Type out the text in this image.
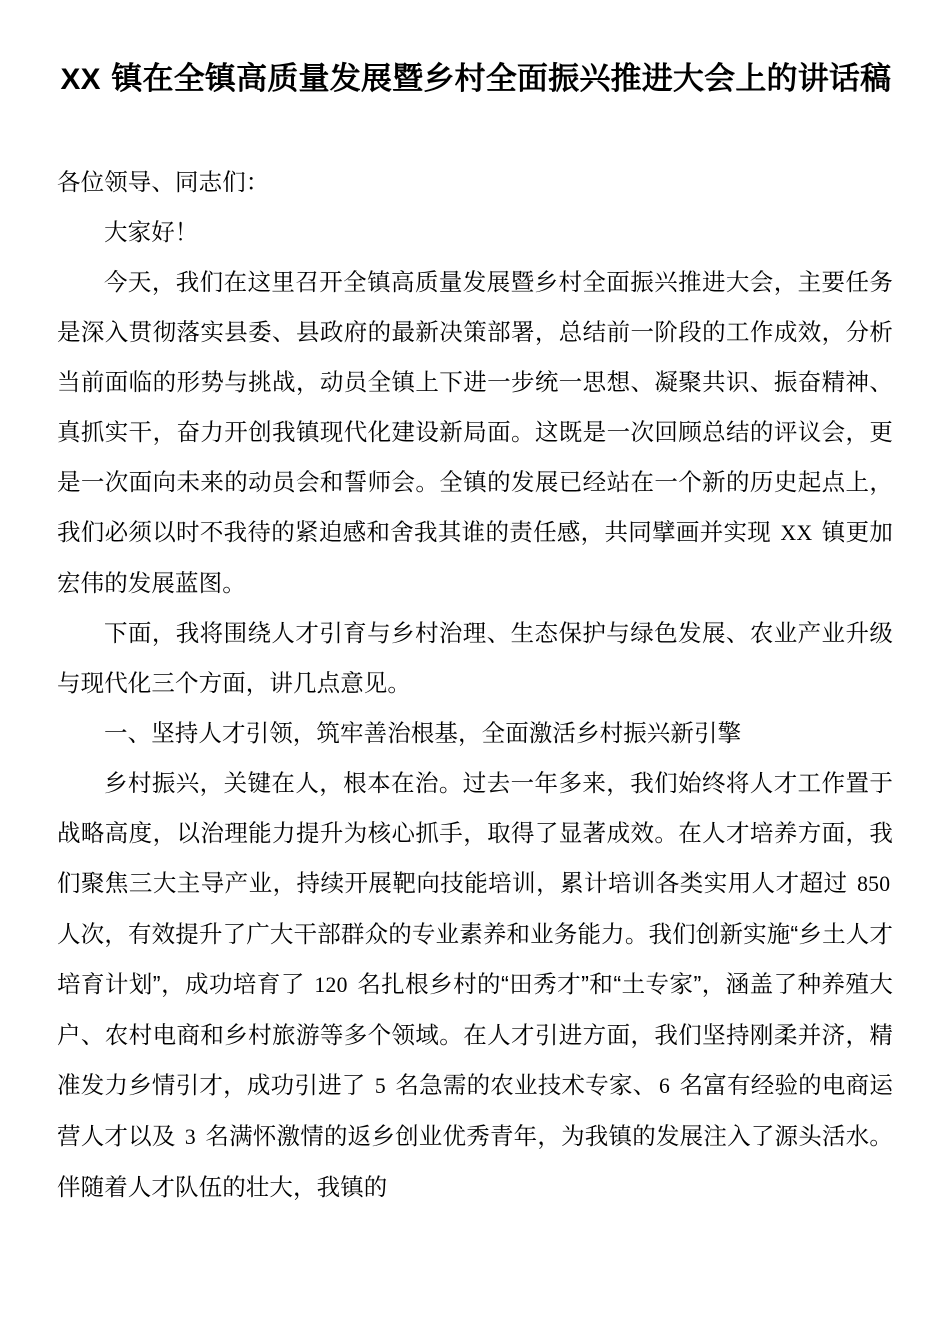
XX 镇在全镇高质量发展暨乡村全面振兴推进大会上的讲话稿

各位领导、同志们：

大家好！

今天，我们在这里召开全镇高质量发展暨乡村全面振兴推进大会，主要任务是深入贯彻落实县委、县政府的最新决策部署，总结前一阶段的工作成效，分析当前面临的形势与挑战，动员全镇上下进一步统一思想、凝聚共识、振奋精神、真抓实干，奋力开创我镇现代化建设新局面。这既是一次回顾总结的评议会，更是一次面向未来的动员会和誓师会。全镇的发展已经站在一个新的历史起点上，我们必须以时不我待的紧迫感和舍我其谁的责任感，共同擘画并实现 XX 镇更加宏伟的发展蓝图。

下面，我将围绕人才引育与乡村治理、生态保护与绿色发展、农业产业升级与现代化三个方面，讲几点意见。

一、坚持人才引领，筑牢善治根基，全面激活乡村振兴新引擎

乡村振兴，关键在人，根本在治。过去一年多来，我们始终将人才工作置于战略高度，以治理能力提升为核心抓手，取得了显著成效。在人才培养方面，我们聚焦三大主导产业，持续开展靶向技能培训，累计培训各类实用人才超过 850 人次，有效提升了广大干部群众的专业素养和业务能力。我们创新实施“乡土人才培育计划”，成功培育了 120 名扎根乡村的“田秀才”和“土专家”，涵盖了种养殖大户、农村电商和乡村旅游等多个领域。在人才引进方面，我们坚持刚柔并济，精准发力乡情引才，成功引进了 5 名急需的农业技术专家、 6 名富有经验的电商运营人才以及 3 名满怀激情的返乡创业优秀青年，为我镇的发展注入了源头活水。伴随着人才队伍的壮大，我镇的
